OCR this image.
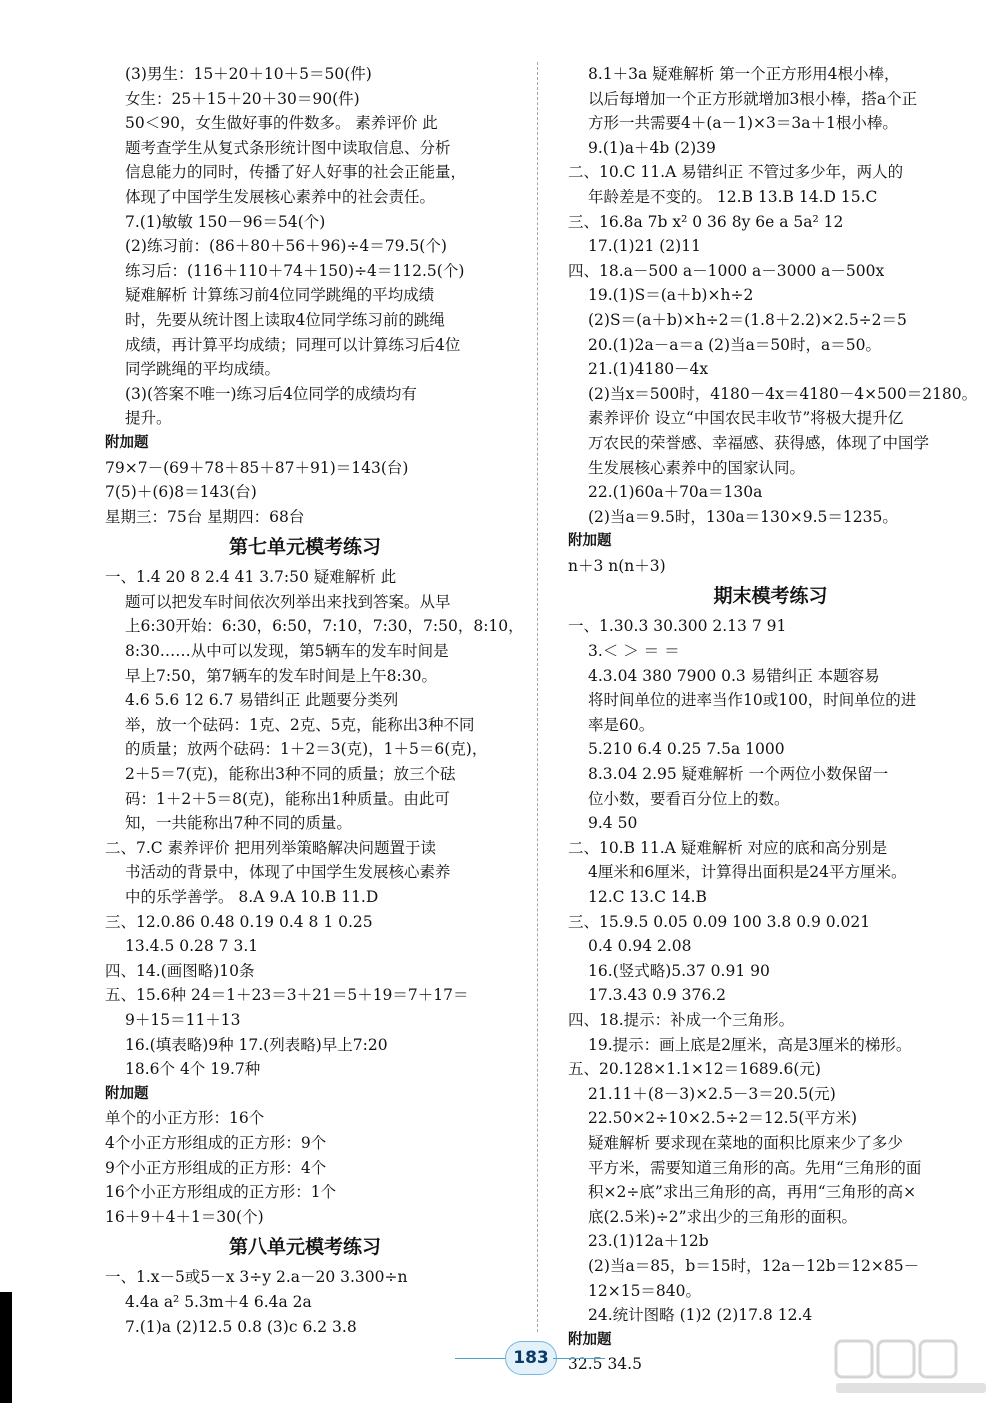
(3)男生：15＋20＋10＋5＝50(件)
女生：25＋15＋20＋30＝90(件)
50＜90，女生做好事的件数多。 素养评价 此
题考查学生从复式条形统计图中读取信息、分析
信息能力的同时，传播了好人好事的社会正能量，
体现了中国学生发展核心素养中的社会责任。
7.(1)敏敏 150－96＝54(个)
(2)练习前：(86＋80＋56＋96)÷4＝79.5(个)
练习后：(116＋110＋74＋150)÷4＝112.5(个)
疑难解析 计算练习前4位同学跳绳的平均成绩
时，先要从统计图上读取4位同学练习前的跳绳
成绩，再计算平均成绩；同理可以计算练习后4位
同学跳绳的平均成绩。
(3)(答案不唯一)练习后4位同学的成绩均有
提升。
附加题
79×7－(69＋78＋85＋87＋91)＝143(台)
7(5)＋(6)8＝143(台)
星期三：75台 星期四：68台
第七单元模考练习
一、1.4 20 8 2.4 41 3.7:50 疑难解析 此
题可以把发车时间依次列举出来找到答案。从早
上6:30开始：6:30，6:50，7:10，7:30，7:50，8:10，
8:30……从中可以发现，第5辆车的发车时间是
早上7:50，第7辆车的发车时间是上午8:30。
4.6 5.6 12 6.7 易错纠正 此题要分类列
举，放一个砝码：1克、2克、5克，能称出3种不同
的质量；放两个砝码：1＋2＝3(克)，1＋5＝6(克)，
2＋5＝7(克)，能称出3种不同的质量；放三个砝
码：1＋2＋5＝8(克)，能称出1种质量。由此可
知，一共能称出7种不同的质量。
二、7.C 素养评价 把用列举策略解决问题置于读
书活动的背景中，体现了中国学生发展核心素养
中的乐学善学。 8.A 9.A 10.B 11.D
三、12.0.86 0.48 0.19 0.4 8 1 0.25
13.4.5 0.28 7 3.1
四、14.(画图略)10条
五、15.6种 24＝1＋23＝3＋21＝5＋19＝7＋17＝
9＋15＝11＋13
16.(填表略)9种 17.(列表略)早上7:20
18.6个 4个 19.7种
附加题
单个的小正方形：16个
4个小正方形组成的正方形：9个
9个小正方形组成的正方形：4个
16个小正方形组成的正方形：1个
16＋9＋4＋1＝30(个)
第八单元模考练习
一、1.x－5或5－x 3÷y 2.a－20 3.300÷n
4.4a a² 5.3m＋4 6.4a 2a
7.(1)a (2)12.5 0.8 (3)c 6.2 3.8
8.1＋3a 疑难解析 第一个正方形用4根小棒，
以后每增加一个正方形就增加3根小棒，搭a个正
方形一共需要4＋(a－1)×3＝3a＋1根小棒。
9.(1)a＋4b (2)39
二、10.C 11.A 易错纠正 不管过多少年，两人的
年龄差是不变的。 12.B 13.B 14.D 15.C
三、16.8a 7b x² 0 36 8y 6e a 5a² 12
17.(1)21 (2)11
四、18.a－500 a－1000 a－3000 a－500x
19.(1)S＝(a＋b)×h÷2
(2)S＝(a＋b)×h÷2＝(1.8＋2.2)×2.5÷2＝5
20.(1)2a－a＝a (2)当a＝50时，a＝50。
21.(1)4180－4x
(2)当x＝500时，4180－4x＝4180－4×500＝2180。
素养评价 设立“中国农民丰收节”将极大提升亿
万农民的荣誉感、幸福感、获得感，体现了中国学
生发展核心素养中的国家认同。
22.(1)60a＋70a＝130a
(2)当a＝9.5时，130a＝130×9.5＝1235。
附加题
n＋3 n(n＋3)
期末模考练习
一、1.30.3 30.300 2.13 7 91
3.＜ ＞ ＝ ＝
4.3.04 380 7900 0.3 易错纠正 本题容易
将时间单位的进率当作10或100，时间单位的进
率是60。
5.210 6.4 0.25 7.5a 1000
8.3.04 2.95 疑难解析 一个两位小数保留一
位小数，要看百分位上的数。
9.4 50
二、10.B 11.A 疑难解析 对应的底和高分别是
4厘米和6厘米，计算得出面积是24平方厘米。
12.C 13.C 14.B
三、15.9.5 0.05 0.09 100 3.8 0.9 0.021
0.4 0.94 2.08
16.(竖式略)5.37 0.91 90
17.3.43 0.9 376.2
四、18.提示：补成一个三角形。
19.提示：画上底是2厘米，高是3厘米的梯形。
五、20.128×1.1×12＝1689.6(元)
21.11＋(8－3)×2.5－3＝20.5(元)
22.50×2÷10×2.5÷2＝12.5(平方米)
疑难解析 要求现在菜地的面积比原来少了多少
平方米，需要知道三角形的高。先用“三角形的面
积×2÷底”求出三角形的高，再用“三角形的高×
底(2.5米)÷2”求出少的三角形的面积。
23.(1)12a＋12b
(2)当a＝85，b＝15时，12a－12b＝12×85－
12×15＝840。
24.统计图略 (1)2 (2)17.8 12.4
附加题
32.5 34.5
183
